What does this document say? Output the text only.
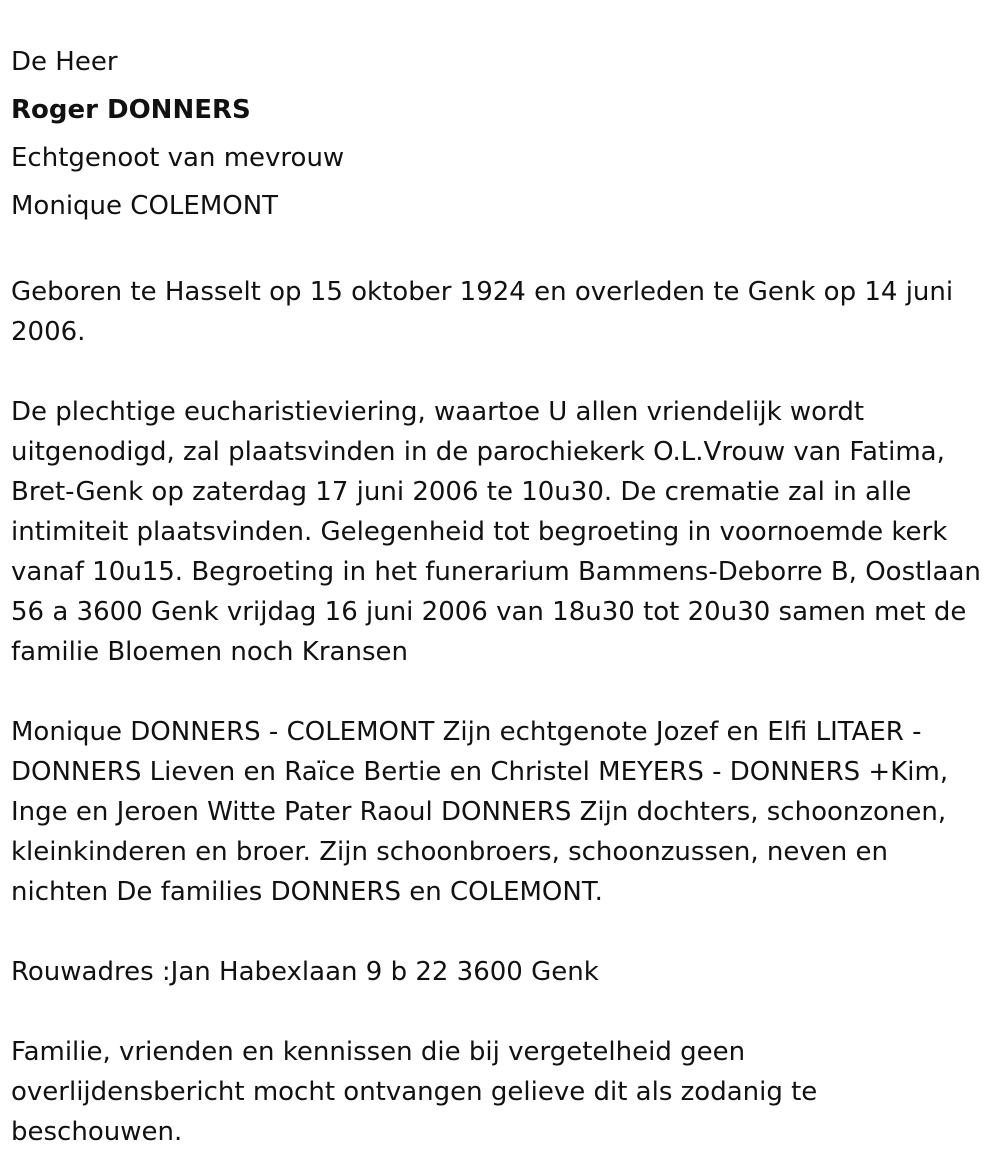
De Heer

Roger DONNERS

Echtgenoot van mevrouw

Monique COLEMONT

Geboren te Hasselt op 15 oktober 1924 en overleden te Genk op 14 juni 2006.

De plechtige eucharistieviering, waartoe U allen vriendelijk wordt uitgenodigd, zal plaatsvinden in de parochiekerk O.L.Vrouw van Fatima, Bret-Genk op zaterdag 17 juni 2006 te 10u30. De crematie zal in alle intimiteit plaatsvinden. Gelegenheid tot begroeting in voornoemde kerk vanaf 10u15. Begroeting in het funerarium Bammens-Deborre B, Oostlaan 56 a 3600 Genk vrijdag 16 juni 2006 van 18u30 tot 20u30 samen met de familie Bloemen noch Kransen

Monique DONNERS - COLEMONT Zijn echtgenote Jozef en Elfi LITAER - DONNERS Lieven en Raïce Bertie en Christel MEYERS - DONNERS +Kim, Inge en Jeroen Witte Pater Raoul DONNERS Zijn dochters, schoonzonen, kleinkinderen en broer. Zijn schoonbroers, schoonzussen, neven en nichten De families DONNERS en COLEMONT.

Rouwadres :Jan Habexlaan 9 b 22 3600 Genk

Familie, vrienden en kennissen die bij vergetelheid geen overlijdensbericht mocht ontvangen gelieve dit als zodanig te beschouwen.
